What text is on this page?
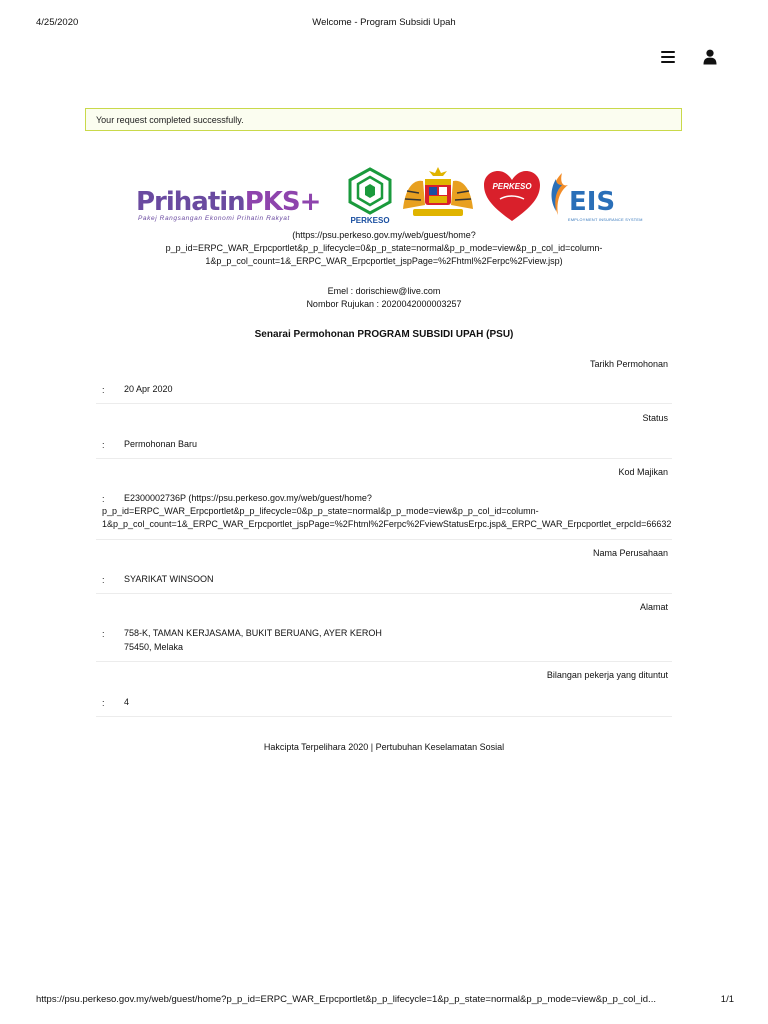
4/25/2020	Welcome - Program Subsidi Upah
Your request completed successfully.
PrihatinPKS+
Pakej Rangsangan Ekonomi Prihatin Rakyat	PERKESO
PERKESO
EIS
EMPLOYMENT INSURANCE SYSTEM
(https://psu.perkeso.gov.my/web/guest/home?
p_p_id=ERPC_WAR_Erpcportlet&p_p_lifecycle=0&p_p_state=normal&p_p_mode=view&p_p_col_id=column-
1&p_p_col_count=1&_ERPC_WAR_Erpcportlet_jspPage=%2Fhtml%2Ferpc%2Fview.jsp)
Emel : dorischiew@live.com
Nombor Rujukan : 2020042000003257
Senarai Permohonan PROGRAM SUBSIDI UPAH (PSU)
Tarikh Permohonan
: 20 Apr 2020
Status
: Permohonan Baru
Kod Majikan
: E2300002736P (https://psu.perkeso.gov.my/web/guest/home?
p_p_id=ERPC_WAR_Erpcportlet&p_p_lifecycle=0&p_p_state=normal&p_p_mode=view&p_p_col_id=column-
1&p_p_col_count=1&_ERPC_WAR_Erpcportlet_jspPage=%2Fhtml%2Ferpc%2FviewStatusErpc.jsp&_ERPC_WAR_Erpcportlet_erpcId=66632
Nama Perusahaan
: SYARIKAT WINSOON
Alamat
: 758-K, TAMAN KERJASAMA, BUKIT BERUANG, AYER KEROH
75450, Melaka
Bilangan pekerja yang dituntut
: 4
Hakcipta Terpelihara 2020 | Pertubuhan Keselamatan Sosial
https://psu.perkeso.gov.my/web/guest/home?p_p_id=ERPC_WAR_Erpcportlet&p_p_lifecycle=1&p_p_state=normal&p_p_mode=view&p_p_col_id...	1/1
